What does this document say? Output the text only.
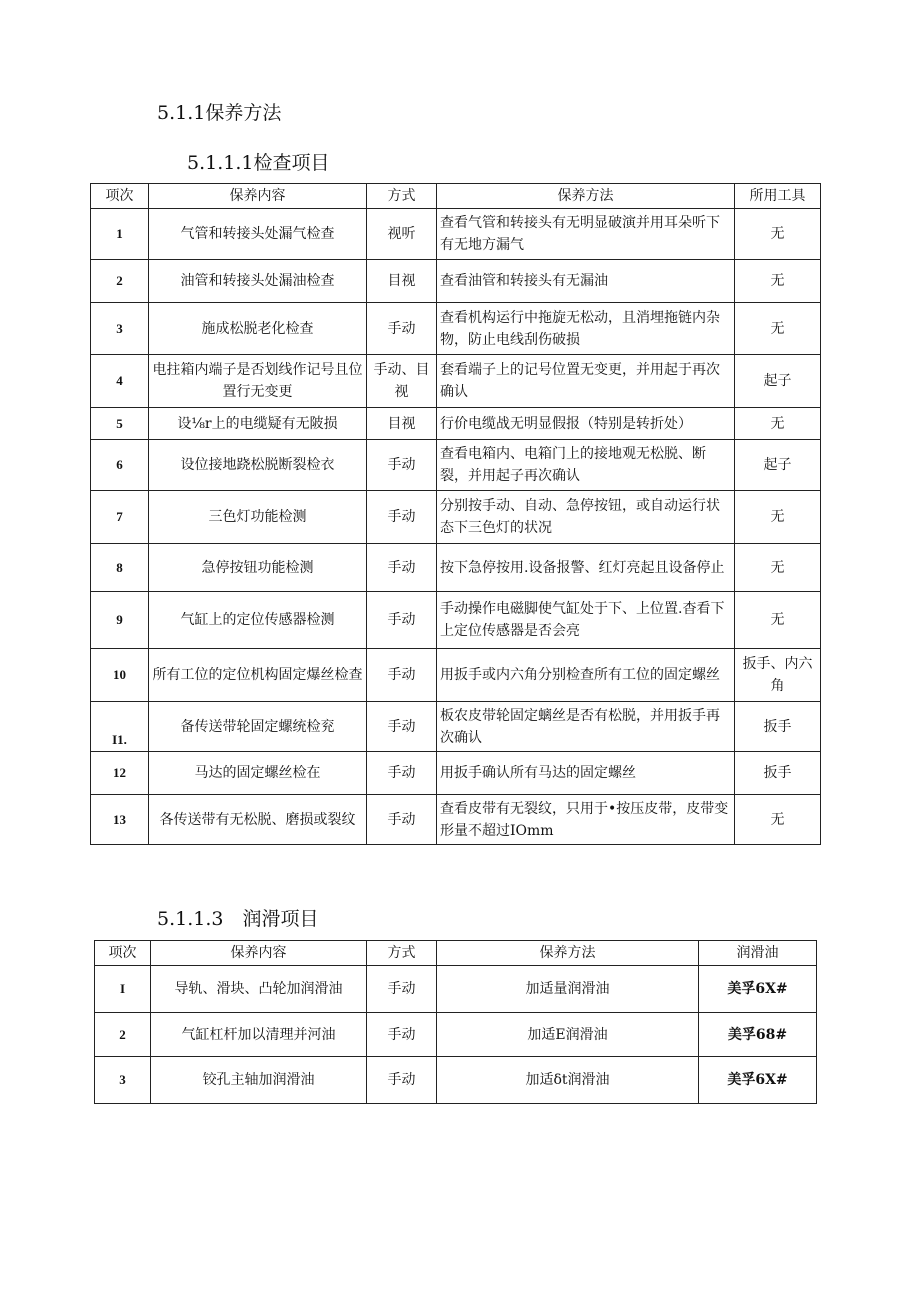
5.1.1保养方法
5.1.1.1检查项目
项次	保养内容	方式	保养方法	所用工具
1	气管和转接头处漏气检查	视听	查看气管和转接头有无明显破演并用耳朵听下有无地方漏气	无
2	油管和转接头处漏油检查	目视	查看油管和转接头有无漏油	无
3	施成松脱老化检查	手动	查看机构运行中拖旋无松动，且消埋拖链内杂物，防止电线刮伤破损	无
4	电拄箱内端子是否划线作记号且位置行无变更	手动、目视	套看端子上的记号位置无变更，并用起于再次确认	起子
5	设⅛r上的电缆疑有无陂损	目视	行价电缆战无明显假报（特别是转折处）	无
6	设位接地跷松脱断裂检衣	手动	查看电箱内、电箱门上的接地观无松脱、断裂，并用起子再次确认	起子
7	三色灯功能检测	手动	分别按手动、自动、急停按钮，或自动运行状态下三色灯的状况	无
8	急停按钮功能检测	手动	按下急停按用.设备报警、红灯亮起且设备停止	无
9	气缸上的定位传感器检测	手动	手动操作电磁脚使气缸处于下、上位置.杳看下上定位传感器是否会亮	无
10	所有工位的定位机构固定爆丝检查	手动	用扳手或内六角分别检查所有工位的固定螺丝	扳手、内六角
I1.	备传送带轮固定螺统检兖	手动	板农皮带轮固定螭丝是否有松脱，并用扳手再次确认	扳手
12	马达的固定螺丝检在	手动	用扳手确认所有马达的固定螺丝	扳手
13	各传送带有无松脱、磨损或裂纹	手动	查看皮带有无裂纹，只用于•按压皮带，皮带变形量不超过IOmm	无
5.1.1.3　润滑项目
项次	保养内容	方式	保养方法	润滑油
I	导轨、滑块、凸轮加润滑油	手动	加适量润滑油	美孚6X#
2	气缸杠杆加以清理并河油	手动	加适E润滑油	美孚68#
3	铰孔主轴加润滑油	手动	加适δt润滑油	美孚6X#
